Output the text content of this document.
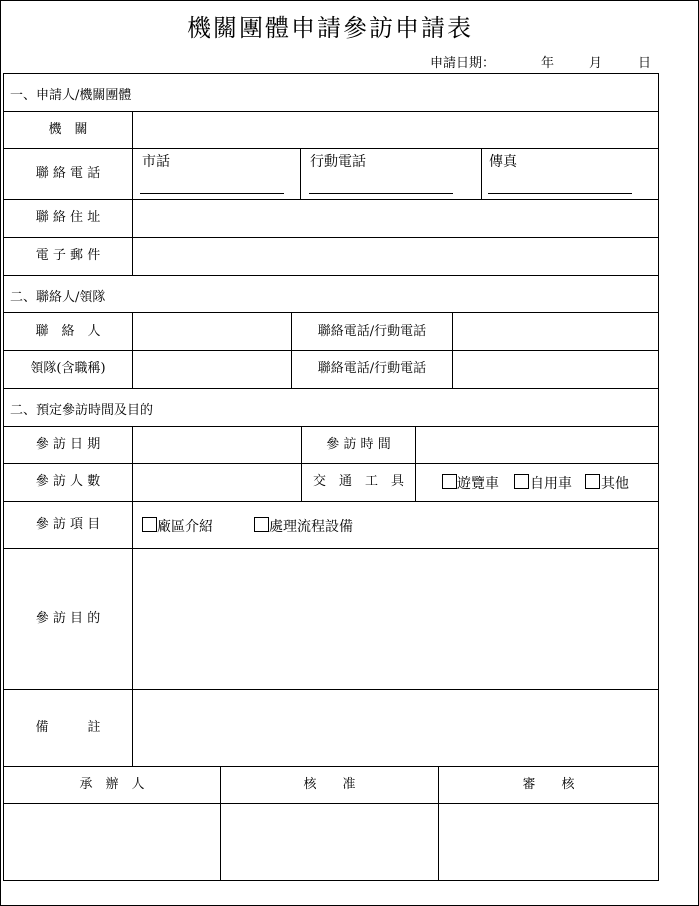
機關團體申請參訪申請表
申請日期：	年	月	日
一、申請人/機關團體
機　關
聯 絡 電 話
市話	行動電話	傳真
聯 絡 住 址
電 子 郵 件
二、聯絡人/領隊
聯　絡　人	聯絡電話/行動電話
領隊(含職稱)	聯絡電話/行動電話
二、預定參訪時間及目的
參 訪 日 期	參 訪 時 間
參 訪 人 數	交　通　工　具	遊覽車 自用車 其他
參 訪 項 目	廠區介紹	處理流程設備
參 訪 目 的
備　　　註
承　辦　人	核　　准	審　　核
